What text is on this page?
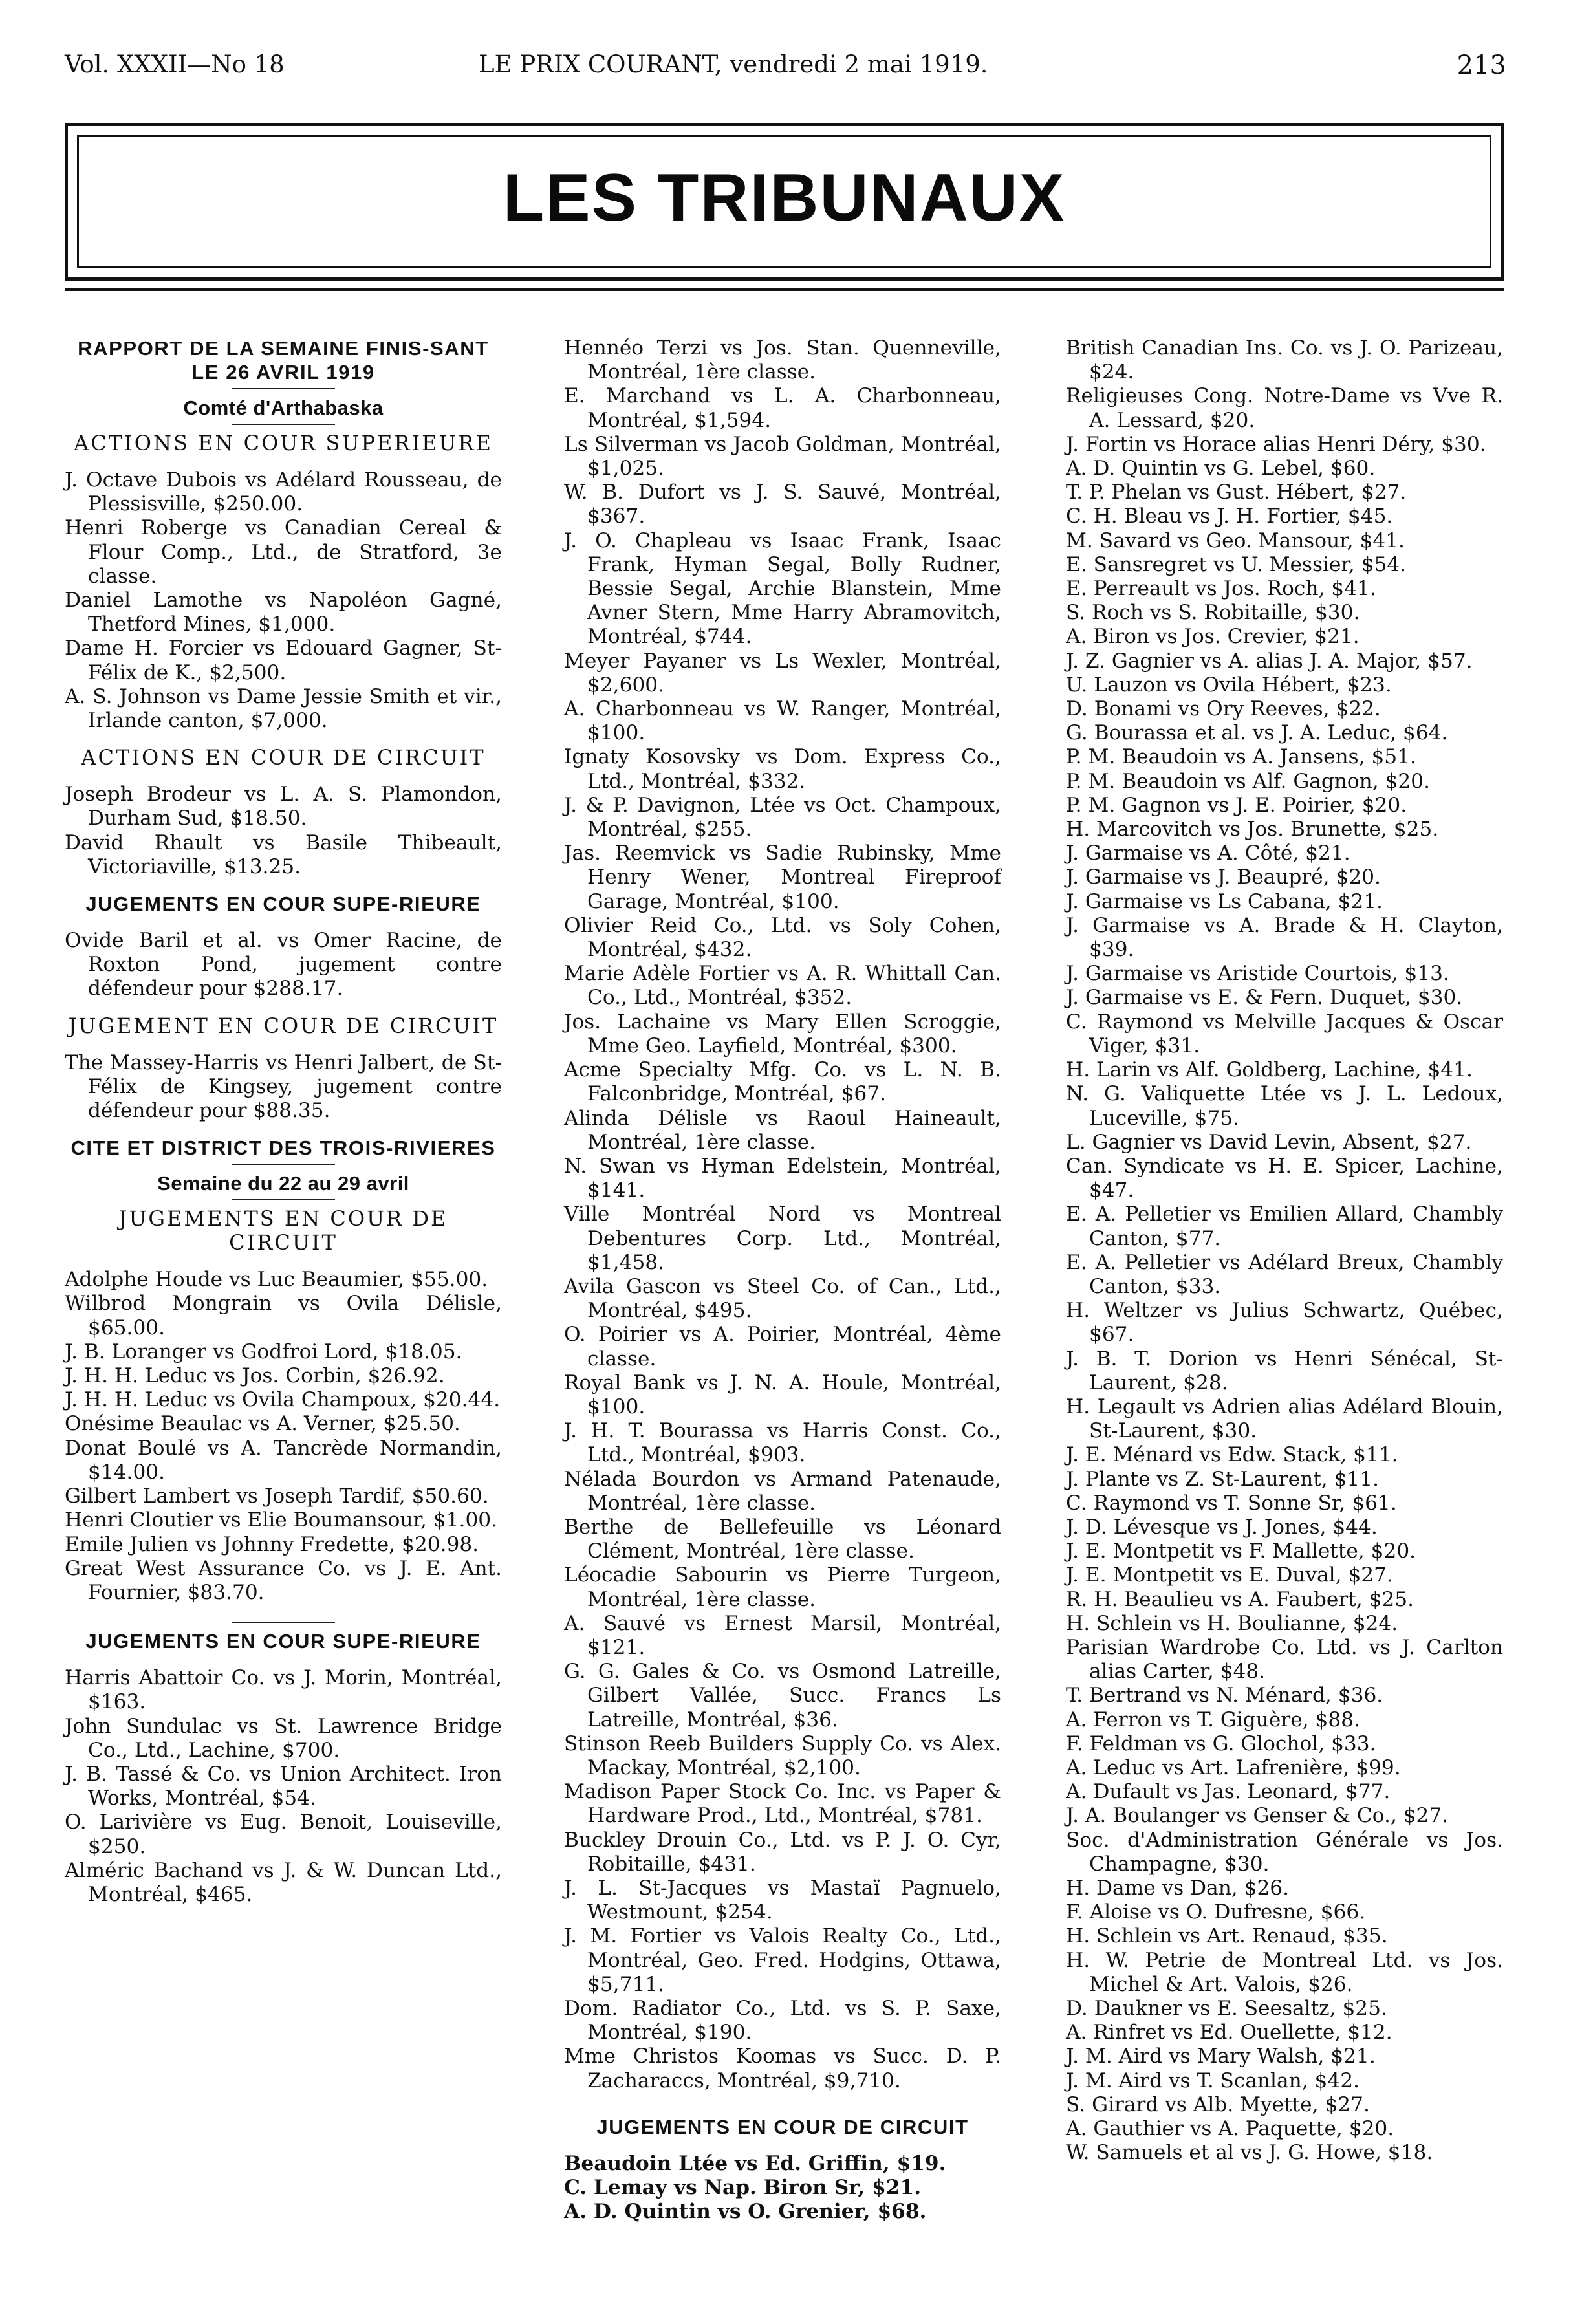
Vol. XXXII—No 18	LE PRIX COURANT, vendredi 2 mai 1919.	213
LES TRIBUNAUX
RAPPORT DE LA SEMAINE FINIS-SANT LE 26 AVRIL 1919
Comté d'Arthabaska
ACTIONS EN COUR SUPERIEURE
J. Octave Dubois vs Adélard Rousseau, de Plessisville, $250.00.
Henri Roberge vs Canadian Cereal & Flour Comp., Ltd., de Stratford, 3e classe.
Daniel Lamothe vs Napoléon Gagné, Thetford Mines, $1,000.
Dame H. Forcier vs Edouard Gagner, St-Félix de K., $2,500.
A. S. Johnson vs Dame Jessie Smith et vir., Irlande canton, $7,000.
ACTIONS EN COUR DE CIRCUIT
Joseph Brodeur vs L. A. S. Plamondon, Durham Sud, $18.50.
David Rhault vs Basile Thibeault, Victoriaville, $13.25.
JUGEMENTS EN COUR SUPE-RIEURE
Ovide Baril et al. vs Omer Racine, de Roxton Pond, jugement contre défendeur pour $288.17.
JUGEMENT EN COUR DE CIRCUIT
The Massey-Harris vs Henri Jalbert, de St-Félix de Kingsey, jugement contre défendeur pour $88.35.
CITE ET DISTRICT DES TROIS-RIVIERES
Semaine du 22 au 29 avril
JUGEMENTS EN COUR DE CIRCUIT
Adolphe Houde vs Luc Beaumier, $55.00.
Wilbrod Mongrain vs Ovila Délisle, $65.00.
J. B. Loranger vs Godfroi Lord, $18.05.
J. H. H. Leduc vs Jos. Corbin, $26.92.
J. H. H. Leduc vs Ovila Champoux, $20.44.
Onésime Beaulac vs A. Verner, $25.50.
Donat Boulé vs A. Tancrède Normandin, $14.00.
Gilbert Lambert vs Joseph Tardif, $50.60.
Henri Cloutier vs Elie Boumansour, $1.00.
Emile Julien vs Johnny Fredette, $20.98.
Great West Assurance Co. vs J. E. Ant. Fournier, $83.70.
JUGEMENTS EN COUR SUPE-RIEURE
Harris Abattoir Co. vs J. Morin, Montréal, $163.
John Sundulac vs St. Lawrence Bridge Co., Ltd., Lachine, $700.
J. B. Tassé & Co. vs Union Architect. Iron Works, Montréal, $54.
O. Larivière vs Eug. Benoit, Louiseville, $250.
Alméric Bachand vs J. & W. Duncan Ltd., Montréal, $465.
Hennéo Terzi vs Jos. Stan. Quenneville, Montréal, 1ère classe.
E. Marchand vs L. A. Charbonneau, Montréal, $1,594.
Ls Silverman vs Jacob Goldman, Montréal, $1,025.
W. B. Dufort vs J. S. Sauvé, Montréal, $367.
J. O. Chapleau vs Isaac Frank, Isaac Frank, Hyman Segal, Bolly Rudner, Bessie Segal, Archie Blanstein, Mme Avner Stern, Mme Harry Abramovitch, Montréal, $744.
Meyer Payaner vs Ls Wexler, Montréal, $2,600.
A. Charbonneau vs W. Ranger, Montréal, $100.
Ignaty Kosovsky vs Dom. Express Co., Ltd., Montréal, $332.
J. & P. Davignon, Ltée vs Oct. Champoux, Montréal, $255.
Jas. Reemvick vs Sadie Rubinsky, Mme Henry Wener, Montreal Fireproof Garage, Montréal, $100.
Olivier Reid Co., Ltd. vs Soly Cohen, Montréal, $432.
Marie Adèle Fortier vs A. R. Whittall Can. Co., Ltd., Montréal, $352.
Jos. Lachaine vs Mary Ellen Scroggie, Mme Geo. Layfield, Montréal, $300.
Acme Specialty Mfg. Co. vs L. N. B. Falconbridge, Montréal, $67.
Alinda Délisle vs Raoul Haineault, Montréal, 1ère classe.
N. Swan vs Hyman Edelstein, Montréal, $141.
Ville Montréal Nord vs Montreal Debentures Corp. Ltd., Montréal, $1,458.
Avila Gascon vs Steel Co. of Can., Ltd., Montréal, $495.
O. Poirier vs A. Poirier, Montréal, 4ème classe.
Royal Bank vs J. N. A. Houle, Montréal, $100.
J. H. T. Bourassa vs Harris Const. Co., Ltd., Montréal, $903.
Nélada Bourdon vs Armand Patenaude, Montréal, 1ère classe.
Berthe de Bellefeuille vs Léonard Clément, Montréal, 1ère classe.
Léocadie Sabourin vs Pierre Turgeon, Montréal, 1ère classe.
A. Sauvé vs Ernest Marsil, Montréal, $121.
G. G. Gales & Co. vs Osmond Latreille, Gilbert Vallée, Succ. Francs Ls Latreille, Montréal, $36.
Stinson Reeb Builders Supply Co. vs Alex. Mackay, Montréal, $2,100.
Madison Paper Stock Co. Inc. vs Paper & Hardware Prod., Ltd., Montréal, $781.
Buckley Drouin Co., Ltd. vs P. J. O. Cyr, Robitaille, $431.
J. L. St-Jacques vs Mastaï Pagnuelo, Westmount, $254.
J. M. Fortier vs Valois Realty Co., Ltd., Montréal, Geo. Fred. Hodgins, Ottawa, $5,711.
Dom. Radiator Co., Ltd. vs S. P. Saxe, Montréal, $190.
Mme Christos Koomas vs Succ. D. P. Zacharaccs, Montréal, $9,710.
JUGEMENTS EN COUR DE CIRCUIT
Beaudoin Ltée vs Ed. Griffin, $19.
C. Lemay vs Nap. Biron Sr, $21.
A. D. Quintin vs O. Grenier, $68.
British Canadian Ins. Co. vs J. O. Parizeau, $24.
Religieuses Cong. Notre-Dame vs Vve R. A. Lessard, $20.
J. Fortin vs Horace alias Henri Déry, $30.
A. D. Quintin vs G. Lebel, $60.
T. P. Phelan vs Gust. Hébert, $27.
C. H. Bleau vs J. H. Fortier, $45.
M. Savard vs Geo. Mansour, $41.
E. Sansregret vs U. Messier, $54.
E. Perreault vs Jos. Roch, $41.
S. Roch vs S. Robitaille, $30.
A. Biron vs Jos. Crevier, $21.
J. Z. Gagnier vs A. alias J. A. Major, $57.
U. Lauzon vs Ovila Hébert, $23.
D. Bonami vs Ory Reeves, $22.
G. Bourassa et al. vs J. A. Leduc, $64.
P. M. Beaudoin vs A. Jansens, $51.
P. M. Beaudoin vs Alf. Gagnon, $20.
P. M. Gagnon vs J. E. Poirier, $20.
H. Marcovitch vs Jos. Brunette, $25.
J. Garmaise vs A. Côté, $21.
J. Garmaise vs J. Beaupré, $20.
J. Garmaise vs Ls Cabana, $21.
J. Garmaise vs A. Brade & H. Clayton, $39.
J. Garmaise vs Aristide Courtois, $13.
J. Garmaise vs E. & Fern. Duquet, $30.
C. Raymond vs Melville Jacques & Oscar Viger, $31.
H. Larin vs Alf. Goldberg, Lachine, $41.
N. G. Valiquette Ltée vs J. L. Ledoux, Luceville, $75.
L. Gagnier vs David Levin, Absent, $27.
Can. Syndicate vs H. E. Spicer, Lachine, $47.
E. A. Pelletier vs Emilien Allard, Chambly Canton, $77.
E. A. Pelletier vs Adélard Breux, Chambly Canton, $33.
H. Weltzer vs Julius Schwartz, Québec, $67.
J. B. T. Dorion vs Henri Sénécal, St-Laurent, $28.
H. Legault vs Adrien alias Adélard Blouin, St-Laurent, $30.
J. E. Ménard vs Edw. Stack, $11.
J. Plante vs Z. St-Laurent, $11.
C. Raymond vs T. Sonne Sr, $61.
J. D. Lévesque vs J. Jones, $44.
J. E. Montpetit vs F. Mallette, $20.
J. E. Montpetit vs E. Duval, $27.
R. H. Beaulieu vs A. Faubert, $25.
H. Schlein vs H. Boulianne, $24.
Parisian Wardrobe Co. Ltd. vs J. Carlton alias Carter, $48.
T. Bertrand vs N. Ménard, $36.
A. Ferron vs T. Giguère, $88.
F. Feldman vs G. Glochol, $33.
A. Leduc vs Art. Lafrenière, $99.
A. Dufault vs Jas. Leonard, $77.
J. A. Boulanger vs Genser & Co., $27.
Soc. d'Administration Générale vs Jos. Champagne, $30.
H. Dame vs Dan, $26.
F. Aloise vs O. Dufresne, $66.
H. Schlein vs Art. Renaud, $35.
H. W. Petrie de Montreal Ltd. vs Jos. Michel & Art. Valois, $26.
D. Daukner vs E. Seesaltz, $25.
A. Rinfret vs Ed. Ouellette, $12.
J. M. Aird vs Mary Walsh, $21.
J. M. Aird vs T. Scanlan, $42.
S. Girard vs Alb. Myette, $27.
A. Gauthier vs A. Paquette, $20.
W. Samuels et al vs J. G. Howe, $18.
